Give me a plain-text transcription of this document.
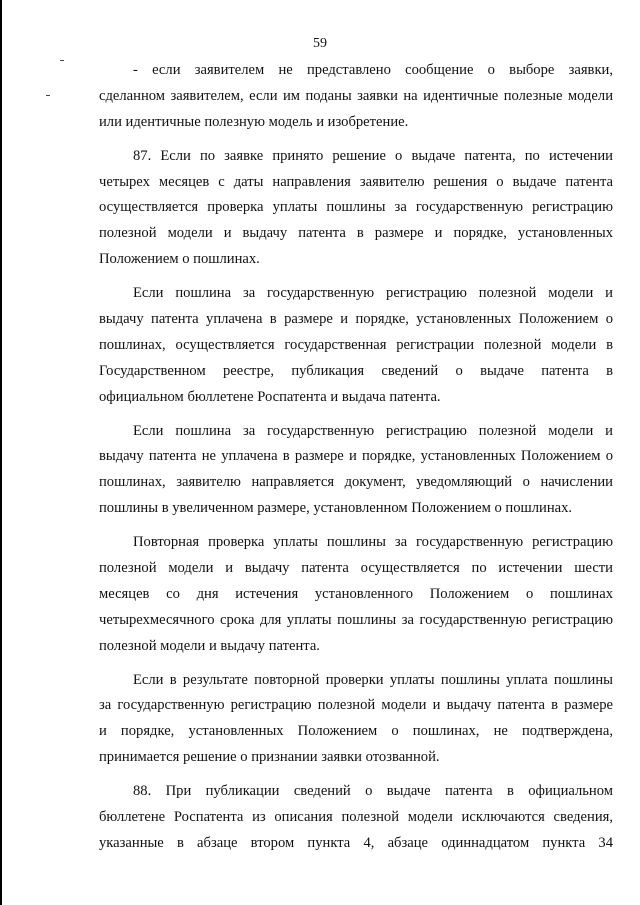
59
- если заявителем не представлено сообщение о выборе заявки,
сделанном заявителем, если им поданы заявки на идентичные полезные модели
или идентичные полезную модель и изобретение.
87. Если по заявке принято решение о выдаче патента, по истечении
четырех месяцев с даты направления заявителю решения о выдаче патента
осуществляется проверка уплаты пошлины за государственную регистрацию
полезной модели и выдачу патента в размере и порядке, установленных
Положением о пошлинах.
Если пошлина за государственную регистрацию полезной модели и
выдачу патента уплачена в размере и порядке, установленных Положением о
пошлинах, осуществляется государственная регистрации полезной модели в
Государственном реестре, публикация сведений о выдаче патента в
официальном бюллетене Роспатента и выдача патента.
Если пошлина за государственную регистрацию полезной модели и
выдачу патента не уплачена в размере и порядке, установленных Положением о
пошлинах, заявителю направляется документ, уведомляющий о начислении
пошлины в увеличенном размере, установленном Положением о пошлинах.
Повторная проверка уплаты пошлины за государственную регистрацию
полезной модели и выдачу патента осуществляется по истечении шести
месяцев со дня истечения установленного Положением о пошлинах
четырехмесячного срока для уплаты пошлины за государственную регистрацию
полезной модели и выдачу патента.
Если в результате повторной проверки уплаты пошлины уплата пошлины
за государственную регистрацию полезной модели и выдачу патента в размере
и порядке, установленных Положением о пошлинах, не подтверждена,
принимается решение о признании заявки отозванной.
88. При публикации сведений о выдаче патента в официальном
бюллетене Роспатента из описания полезной модели исключаются сведения,
указанные в абзаце втором пункта 4, абзаце одиннадцатом пункта 34
